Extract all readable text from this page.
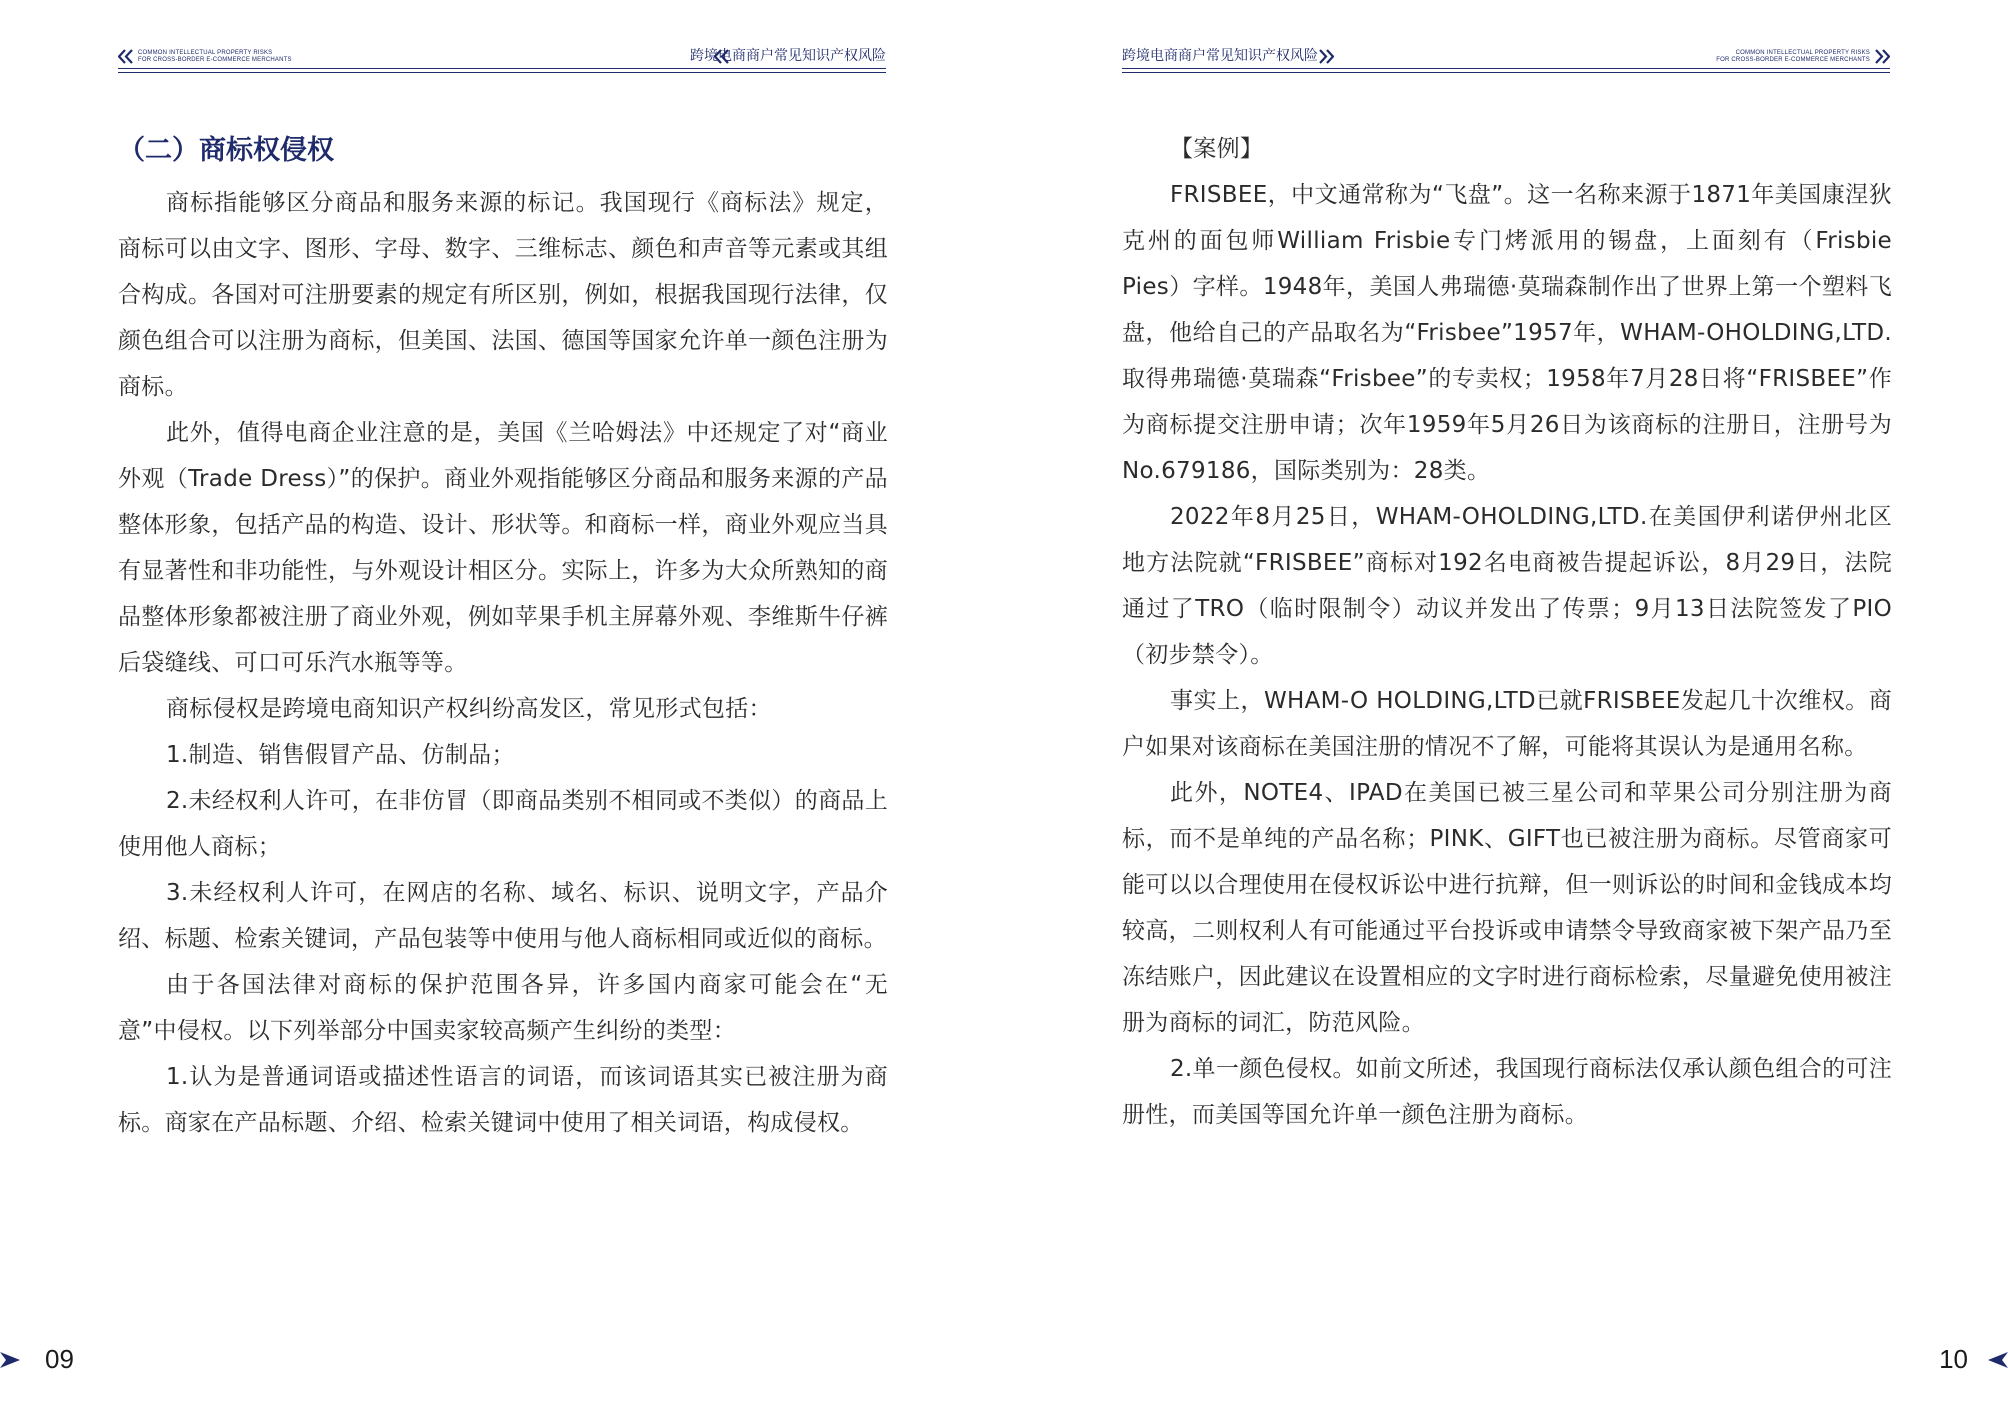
COMMON INTELLECTUAL PROPERTY RISKS
FOR CROSS-BORDER E-COMMERCE MERCHANTS	跨境电商商户常见知识产权风险
（二）商标权侵权

商标指能够区分商品和服务来源的标记。我国现行《商标法》规定，商标可以由文字、图形、字母、数字、三维标志、颜色和声音等元素或其组合构成。各国对可注册要素的规定有所区别，例如，根据我国现行法律，仅颜色组合可以注册为商标，但美国、法国、德国等国家允许单一颜色注册为商标。

此外，值得电商企业注意的是，美国《兰哈姆法》中还规定了对“商业外观（Trade Dress）”的保护。商业外观指能够区分商品和服务来源的产品整体形象，包括产品的构造、设计、形状等。和商标一样，商业外观应当具有显著性和非功能性，与外观设计相区分。实际上，许多为大众所熟知的商品整体形象都被注册了商业外观，例如苹果手机主屏幕外观、李维斯牛仔裤后袋缝线、可口可乐汽水瓶等等。

商标侵权是跨境电商知识产权纠纷高发区，常见形式包括：

1.制造、销售假冒产品、仿制品；

2.未经权利人许可，在非仿冒（即商品类别不相同或不类似）的商品上使用他人商标；

3.未经权利人许可，在网店的名称、域名、标识、说明文字，产品介绍、标题、检索关键词，产品包装等中使用与他人商标相同或近似的商标。

由于各国法律对商标的保护范围各异，许多国内商家可能会在“无意”中侵权。以下列举部分中国卖家较高频产生纠纷的类型：

1.认为是普通词语或描述性语言的词语，而该词语其实已被注册为商标。商家在产品标题、介绍、检索关键词中使用了相关词语，构成侵权。

09
跨境电商商户常见知识产权风险	COMMON INTELLECTUAL PROPERTY RISKS
FOR CROSS-BORDER E-COMMERCE MERCHANTS

【案例】

FRISBEE，中文通常称为“飞盘”。这一名称来源于1871年美国康涅狄克州的面包师William Frisbie专门烤派用的锡盘，上面刻有（Frisbie Pies）字样。1948年，美国人弗瑞德·莫瑞森制作出了世界上第一个塑料飞盘，他给自己的产品取名为“Frisbee”1957年，WHAM-OHOLDING,LTD.取得弗瑞德·莫瑞森“Frisbee”的专卖权；1958年7月28日将“FRISBEE”作为商标提交注册申请；次年1959年5月26日为该商标的注册日，注册号为No.679186，国际类别为：28类。

2022年8月25日，WHAM-OHOLDING,LTD.在美国伊利诺伊州北区地方法院就“FRISBEE”商标对192名电商被告提起诉讼，8月29日，法院通过了TRO（临时限制令）动议并发出了传票；9月13日法院签发了PIO（初步禁令）。

事实上，WHAM-O HOLDING,LTD已就FRISBEE发起几十次维权。商户如果对该商标在美国注册的情况不了解，可能将其误认为是通用名称。

此外，NOTE4、IPAD在美国已被三星公司和苹果公司分别注册为商标，而不是单纯的产品名称；PINK、GIFT也已被注册为商标。尽管商家可能可以以合理使用在侵权诉讼中进行抗辩，但一则诉讼的时间和金钱成本均较高，二则权利人有可能通过平台投诉或申请禁令导致商家被下架产品乃至冻结账户，因此建议在设置相应的文字时进行商标检索，尽量避免使用被注册为商标的词汇，防范风险。

2.单一颜色侵权。如前文所述，我国现行商标法仅承认颜色组合的可注册性，而美国等国允许单一颜色注册为商标。

10
